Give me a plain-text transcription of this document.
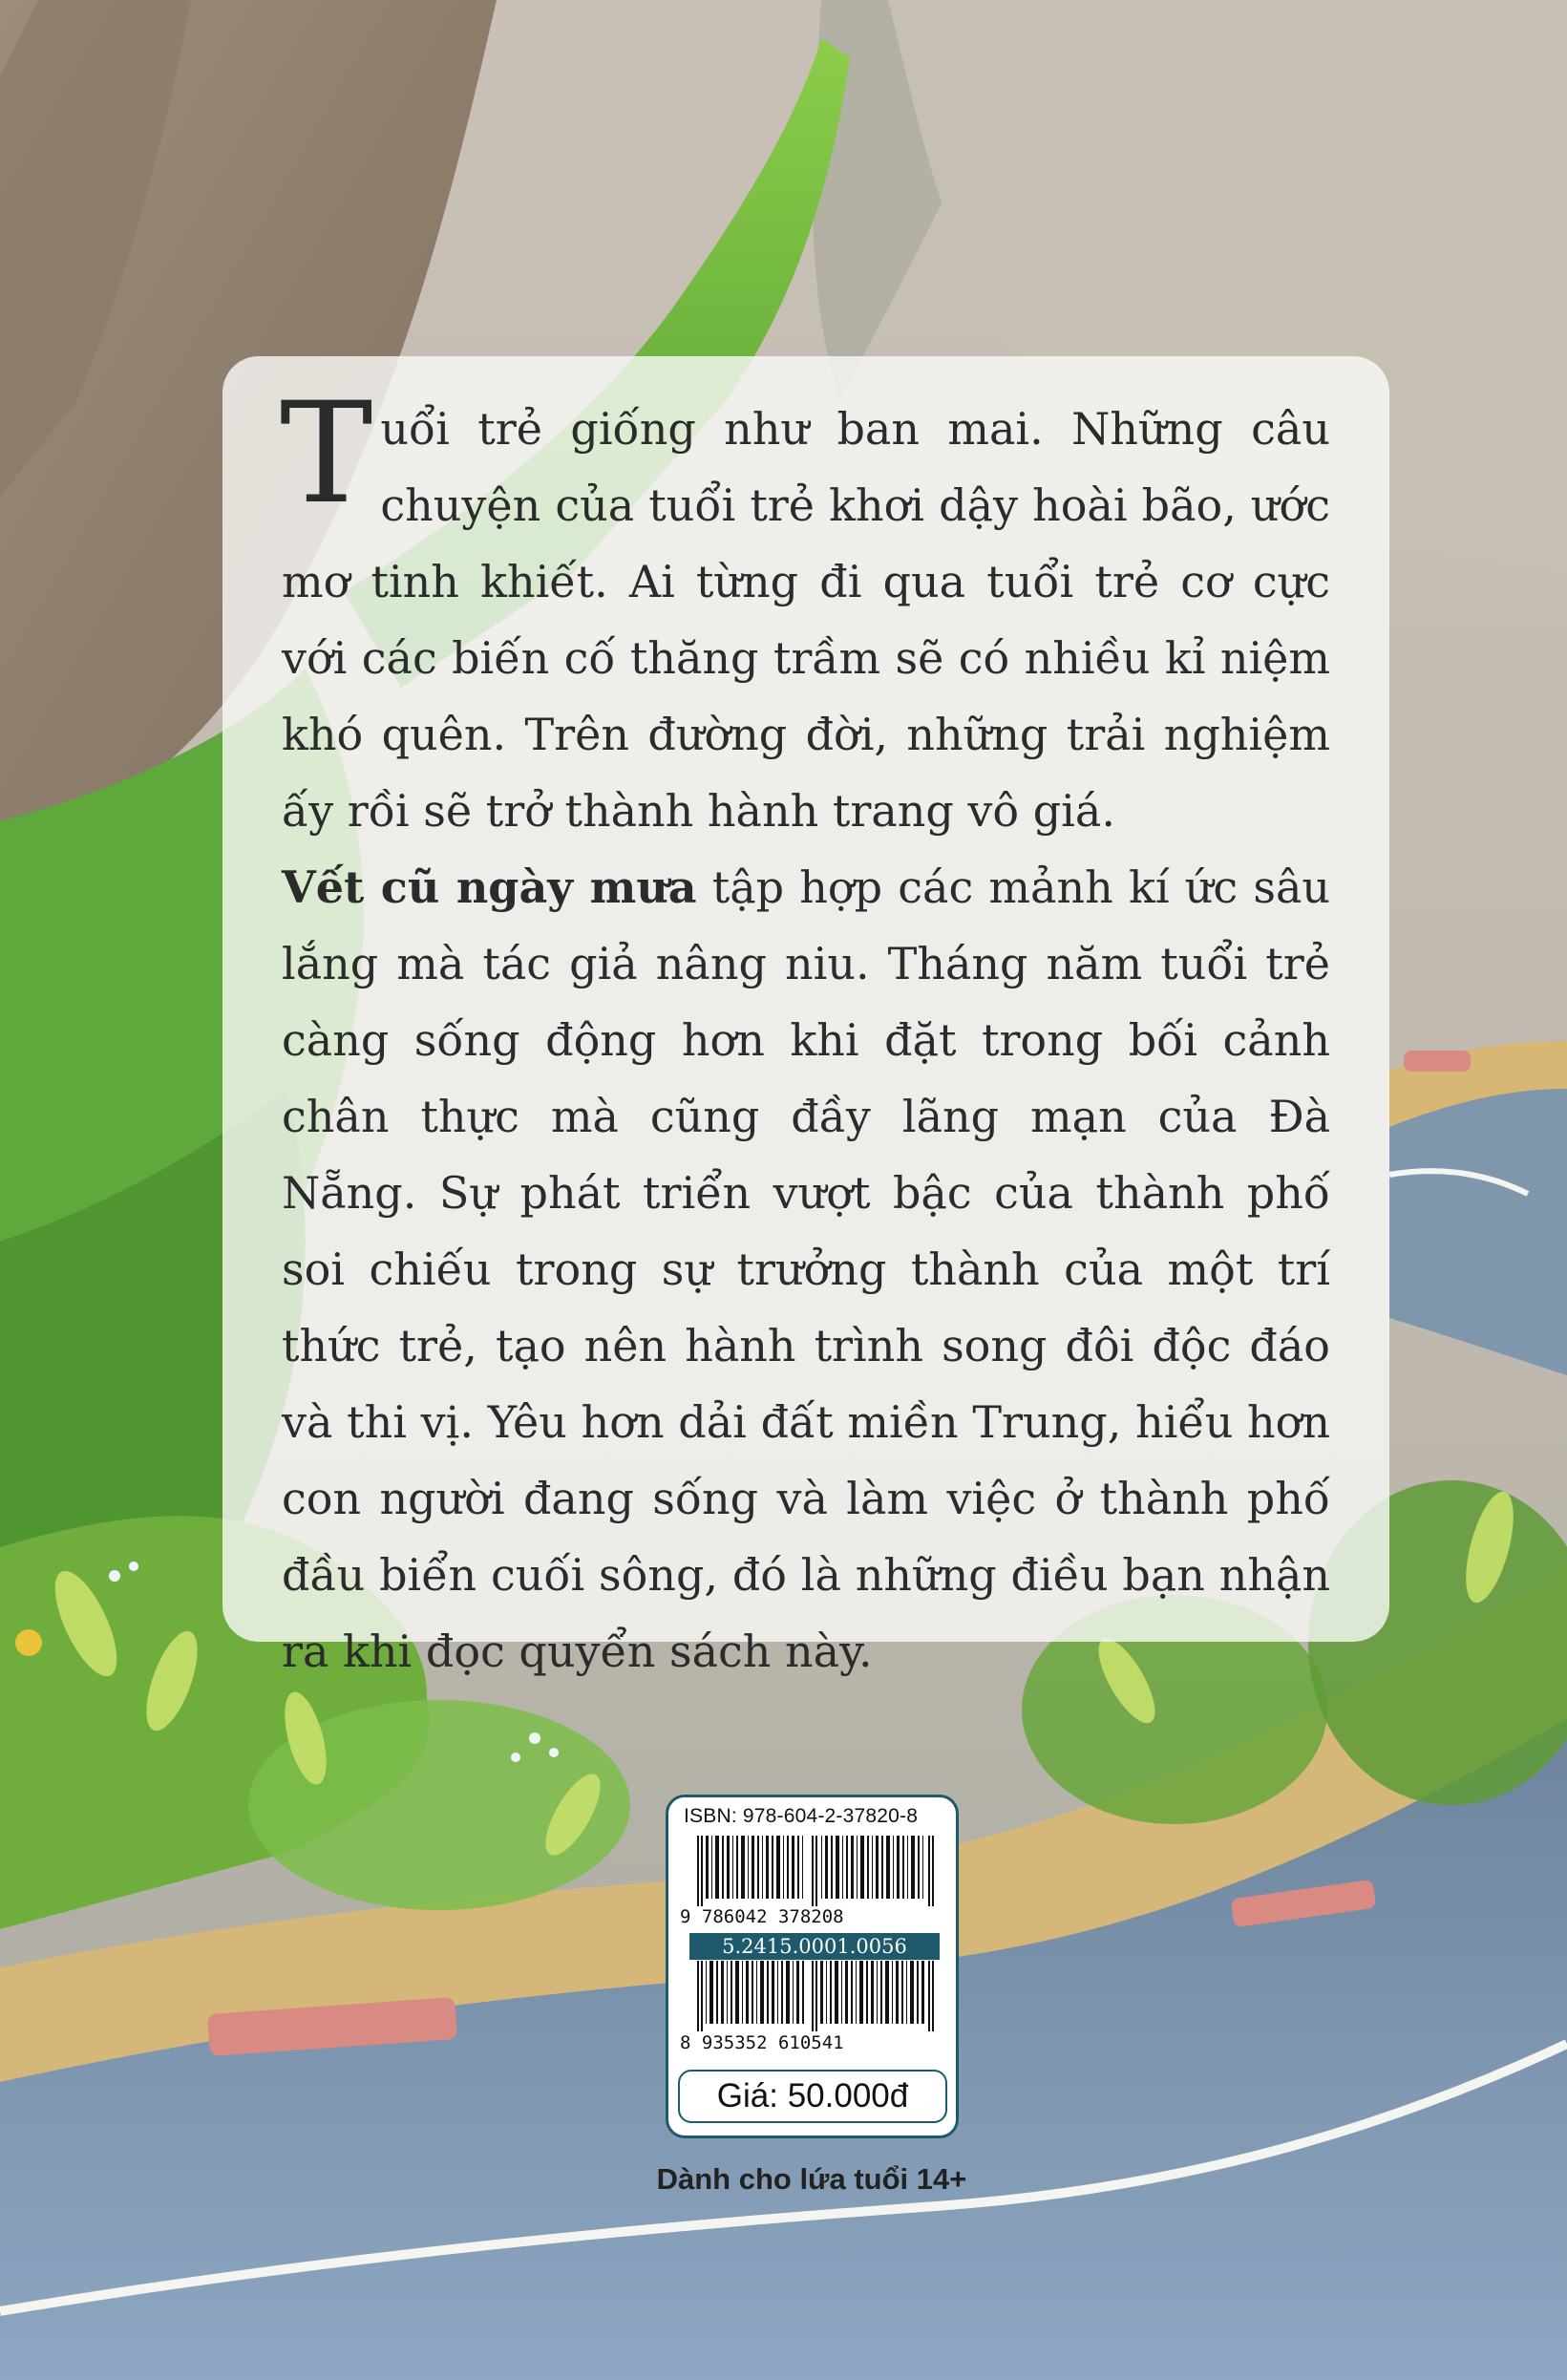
Tuổi trẻ giống như ban mai. Những câu chuyện của tuổi trẻ khơi dậy hoài bão, ước mơ tinh khiết. Ai từng đi qua tuổi trẻ cơ cực với các biến cố thăng trầm sẽ có nhiều kỉ niệm khó quên. Trên đường đời, những trải nghiệm ấy rồi sẽ trở thành hành trang vô giá.

Vết cũ ngày mưa tập hợp các mảnh kí ức sâu lắng mà tác giả nâng niu. Tháng năm tuổi trẻ càng sống động hơn khi đặt trong bối cảnh chân thực mà cũng đầy lãng mạn của Đà Nẵng. Sự phát triển vượt bậc của thành phố soi chiếu trong sự trưởng thành của một trí thức trẻ, tạo nên hành trình song đôi độc đáo và thi vị. Yêu hơn dải đất miền Trung, hiểu hơn con người đang sống và làm việc ở thành phố đầu biển cuối sông, đó là những điều bạn nhận ra khi đọc quyển sách này.

ISBN: 978-604-2-37820-8
9 786042 378208
5.2415.0001.0056
8 935352 610541
Giá: 50.000đ
Dành cho lứa tuổi 14+
